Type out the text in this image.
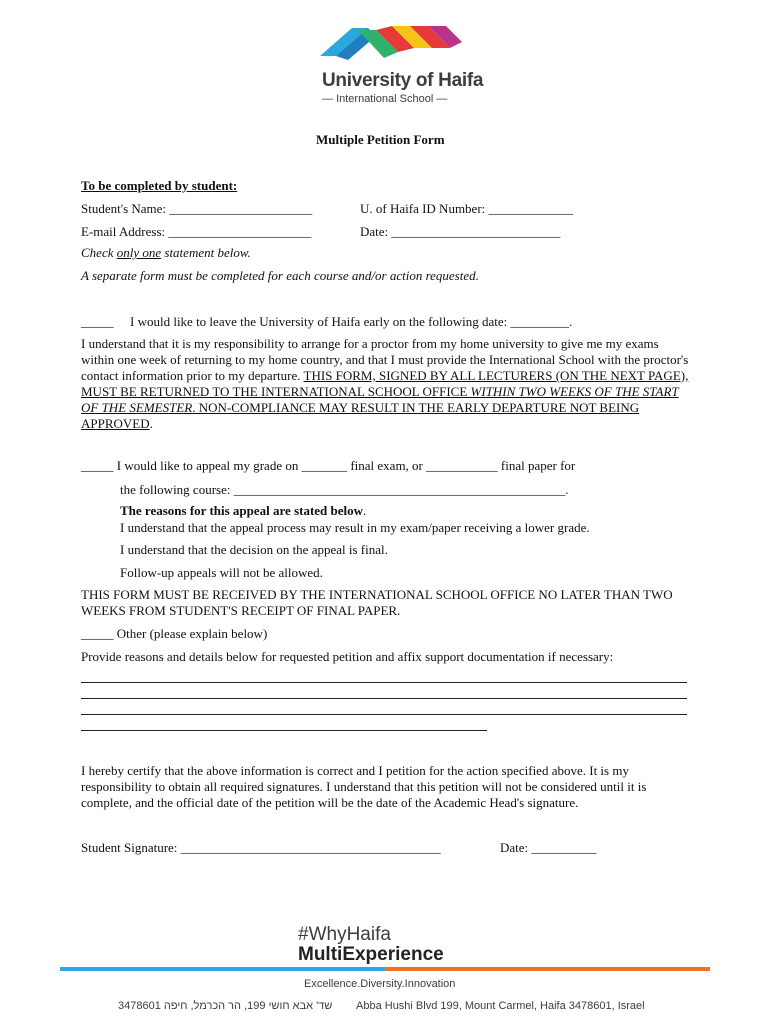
University of Haifa
— International School —
Multiple Petition Form
To be completed by student:
Student's Name: ______________________	U. of Haifa ID Number: _____________
E-mail Address: ______________________	Date: __________________________
Check only one statement below.
A separate form must be completed for each course and/or action requested.
_____ I would like to leave the University of Haifa early on the following date: _________.
I understand that it is my responsibility to arrange for a proctor from my home university to give me my exams within one week of returning to my home country, and that I must provide the International School with the proctor's contact information prior to my departure. THIS FORM, SIGNED BY ALL LECTURERS (ON THE NEXT PAGE), MUST BE RETURNED TO THE INTERNATIONAL SCHOOL OFFICE WITHIN TWO WEEKS OF THE START OF THE SEMESTER. NON-COMPLIANCE MAY RESULT IN THE EARLY DEPARTURE NOT BEING APPROVED.
_____ I would like to appeal my grade on _______ final exam, or ___________ final paper for
the following course: ___________________________________________________.
The reasons for this appeal are stated below.
I understand that the appeal process may result in my exam/paper receiving a lower grade.
I understand that the decision on the appeal is final.
Follow-up appeals will not be allowed.
THIS FORM MUST BE RECEIVED BY THE INTERNATIONAL SCHOOL OFFICE NO LATER THAN TWO WEEKS FROM STUDENT'S RECEIPT OF FINAL PAPER.
_____ Other (please explain below)
Provide reasons and details below for requested petition and affix support documentation if necessary:
I hereby certify that the above information is correct and I petition for the action specified above. It is my responsibility to obtain all required signatures. I understand that this petition will not be considered until it is complete, and the official date of the petition will be the date of the Academic Head's signature.
Student Signature: ________________________________________	Date: __________
#WhyHaifa
MultiExperience
Excellence.Diversity.Innovation
שד' אבא חושי 199, הר הכרמל, חיפה 3478601	Abba Hushi Blvd 199, Mount Carmel, Haifa 3478601, Israel
